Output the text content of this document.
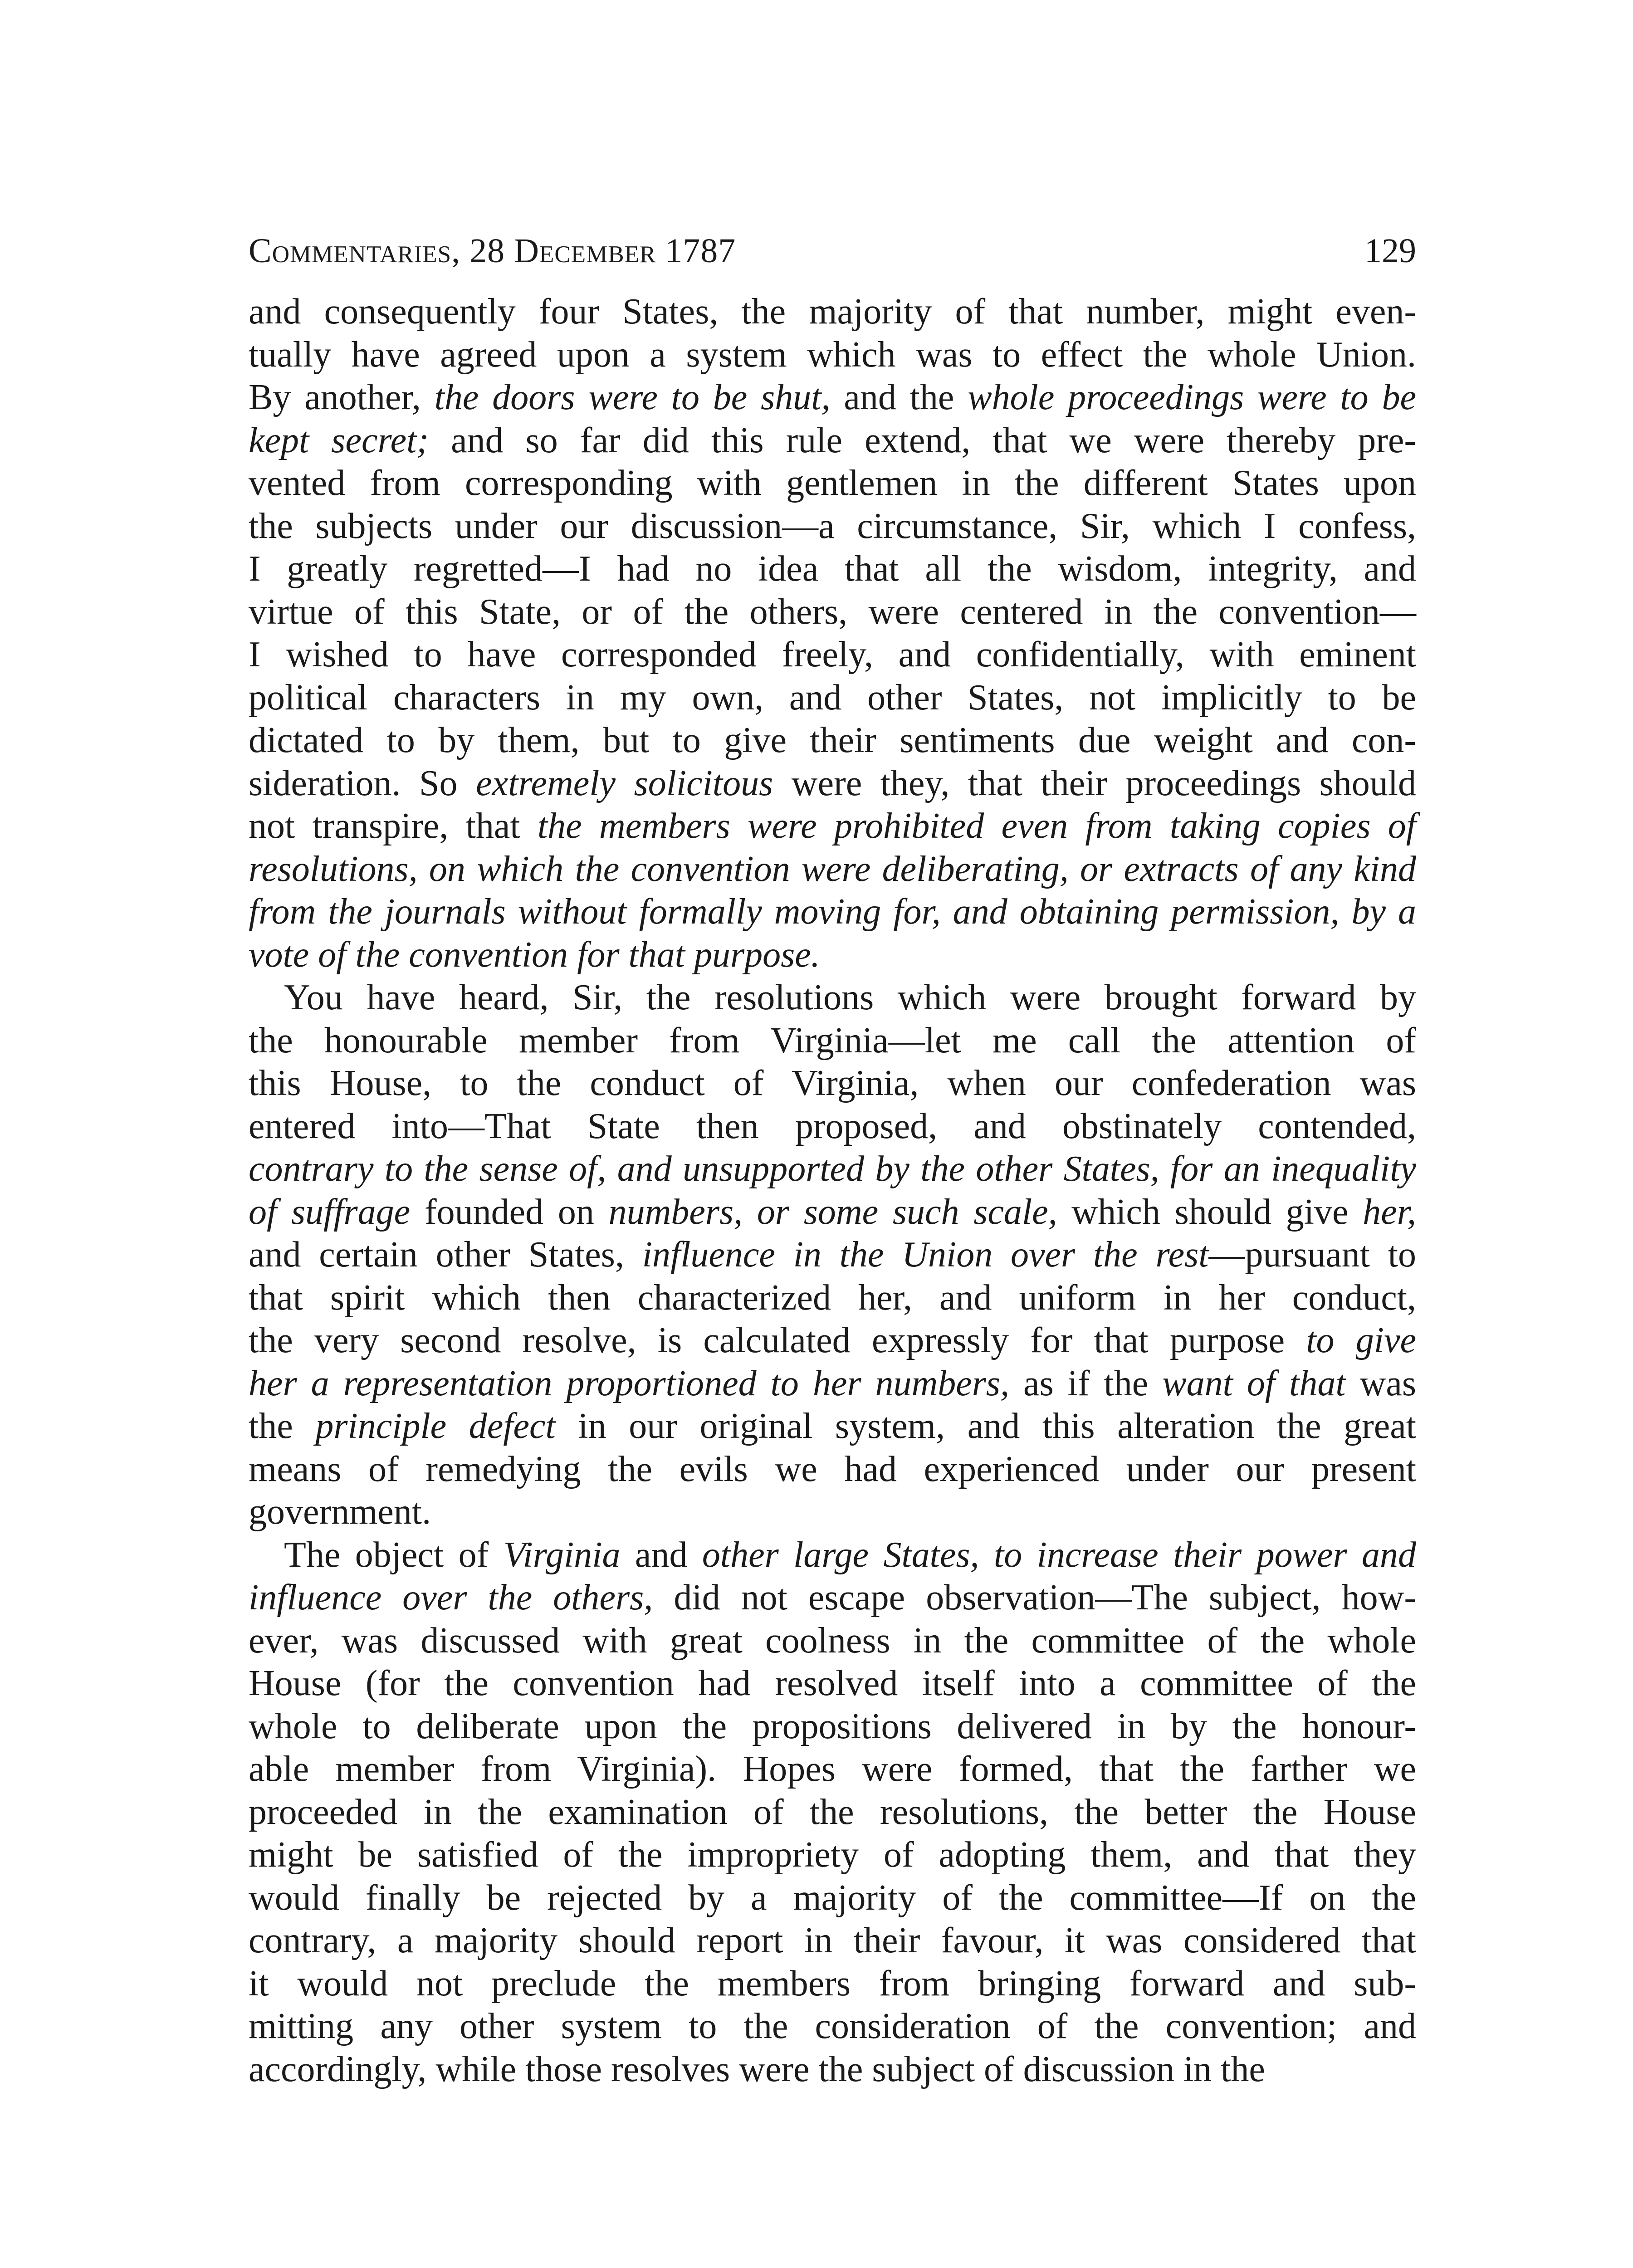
Commentaries, 28 December 1787	129
and consequently four States, the majority of that number, might even-
tually have agreed upon a system which was to effect the whole Union.
By another, the doors were to be shut, and the whole proceedings were to be
kept secret; and so far did this rule extend, that we were thereby pre-
vented from corresponding with gentlemen in the different States upon
the subjects under our discussion—a circumstance, Sir, which I confess,
I greatly regretted—I had no idea that all the wisdom, integrity, and
virtue of this State, or of the others, were centered in the convention—
I wished to have corresponded freely, and confidentially, with eminent
political characters in my own, and other States, not implicitly to be
dictated to by them, but to give their sentiments due weight and con-
sideration. So extremely solicitous were they, that their proceedings should
not transpire, that the members were prohibited even from taking copies of
resolutions, on which the convention were deliberating, or extracts of any kind
from the journals without formally moving for, and obtaining permission, by a
vote of the convention for that purpose.
You have heard, Sir, the resolutions which were brought forward by
the honourable member from Virginia—let me call the attention of
this House, to the conduct of Virginia, when our confederation was
entered into—That State then proposed, and obstinately contended,
contrary to the sense of, and unsupported by the other States, for an inequality
of suffrage founded on numbers, or some such scale, which should give her,
and certain other States, influence in the Union over the rest—pursuant to
that spirit which then characterized her, and uniform in her conduct,
the very second resolve, is calculated expressly for that purpose to give
her a representation proportioned to her numbers, as if the want of that was
the principle defect in our original system, and this alteration the great
means of remedying the evils we had experienced under our present
government.
The object of Virginia and other large States, to increase their power and
influence over the others, did not escape observation—The subject, how-
ever, was discussed with great coolness in the committee of the whole
House (for the convention had resolved itself into a committee of the
whole to deliberate upon the propositions delivered in by the honour-
able member from Virginia). Hopes were formed, that the farther we
proceeded in the examination of the resolutions, the better the House
might be satisfied of the impropriety of adopting them, and that they
would finally be rejected by a majority of the committee—If on the
contrary, a majority should report in their favour, it was considered that
it would not preclude the members from bringing forward and sub-
mitting any other system to the consideration of the convention; and
accordingly, while those resolves were the subject of discussion in the
